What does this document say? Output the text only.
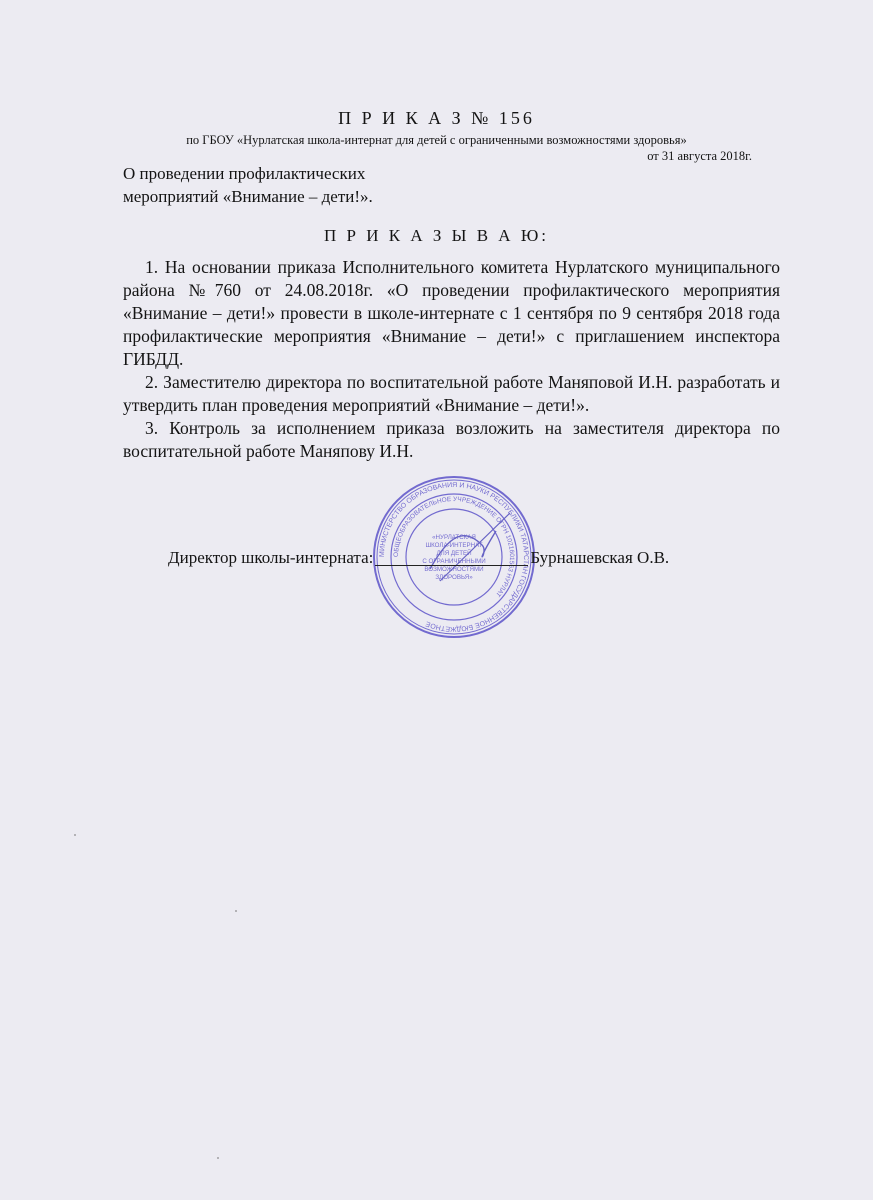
П Р И К А З № 156
по ГБОУ «Нурлатская школа-интернат для детей с ограниченными возможностями здоровья»
от 31 августа 2018г.
О проведении профилактических
мероприятий «Внимание – дети!».
П Р И К А З Ы В А Ю:

1. На основании приказа Исполнительного комитета Нурлатского муниципального района №760 от 24.08.2018г. «О проведении профилактического мероприятия «Внимание – дети!» провести в школе-интернате с 1 сентября по 9 сентября 2018 года профилактические мероприятия «Внимание – дети!» с приглашением инспектора ГИБДД.

2. Заместителю директора по воспитательной работе Маняповой И.Н. разработать и утвердить план проведения мероприятий «Внимание – дети!».

3. Контроль за исполнением приказа возложить на заместителя директора по воспитательной работе Маняпову И.Н.

МИНИСТЕРСТВО ОБРАЗОВАНИЯ И НАУКИ РЕСПУБЛИКИ ТАТАРСТАН ГОСУДАРСТВЕННОЕ БЮДЖЕТНОЕ
ОБЩЕОБРАЗОВАТЕЛЬНОЕ УЧРЕЖДЕНИЕ ОГРН 1021601563 НУРЛАТ
«НУРЛАТСКАЯ
ШКОЛА-ИНТЕРНАТ
ДЛЯ ДЕТЕЙ
С ОГРАНИЧЕННЫМИ
ВОЗМОЖНОСТЯМИ
ЗДОРОВЬЯ»
Директор школы-интерната:	Бурнашевская О.В.
